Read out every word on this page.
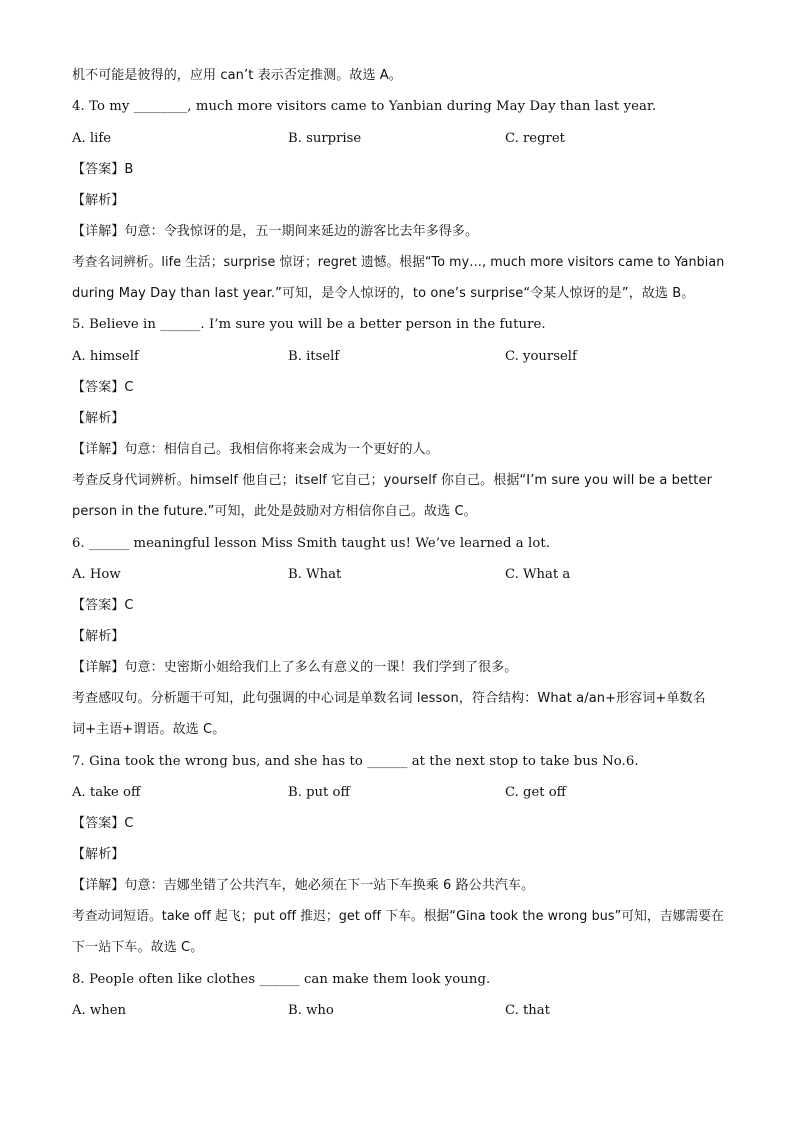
机不可能是彼得的，应用 can’t 表示否定推测。故选 A。
4. To my ________, much more visitors came to Yanbian during May Day than last year.
A. life	B. surprise	C. regret
【答案】B
【解析】
【详解】句意：令我惊讶的是，五一期间来延边的游客比去年多得多。
考查名词辨析。life 生活；surprise 惊讶；regret 遗憾。根据“To my…, much more visitors came to Yanbian
during May Day than last year.”可知，是令人惊讶的，to one’s surprise“令某人惊讶的是”，故选 B。
5. Believe in ______. I’m sure you will be a better person in the future.
A. himself	B. itself	C. yourself
【答案】C
【解析】
【详解】句意：相信自己。我相信你将来会成为一个更好的人。
考查反身代词辨析。himself 他自己；itself 它自己；yourself 你自己。根据“I’m sure you will be a better
person in the future.”可知，此处是鼓励对方相信你自己。故选 C。
6. ______ meaningful lesson Miss Smith taught us! We’ve learned a lot.
A. How	B. What	C. What a
【答案】C
【解析】
【详解】句意：史密斯小姐给我们上了多么有意义的一课！我们学到了很多。
考查感叹句。分析题干可知，此句强调的中心词是单数名词 lesson，符合结构：What a/an+形容词+单数名
词+主语+谓语。故选 C。
7. Gina took the wrong bus, and she has to ______ at the next stop to take bus No.6.
A. take off	B. put off	C. get off
【答案】C
【解析】
【详解】句意：吉娜坐错了公共汽车，她必须在下一站下车换乘 6 路公共汽车。
考查动词短语。take off 起飞；put off 推迟；get off 下车。根据“Gina took the wrong bus”可知，吉娜需要在
下一站下车。故选 C。
8. People often like clothes ______ can make them look young.
A. when	B. who	C. that
